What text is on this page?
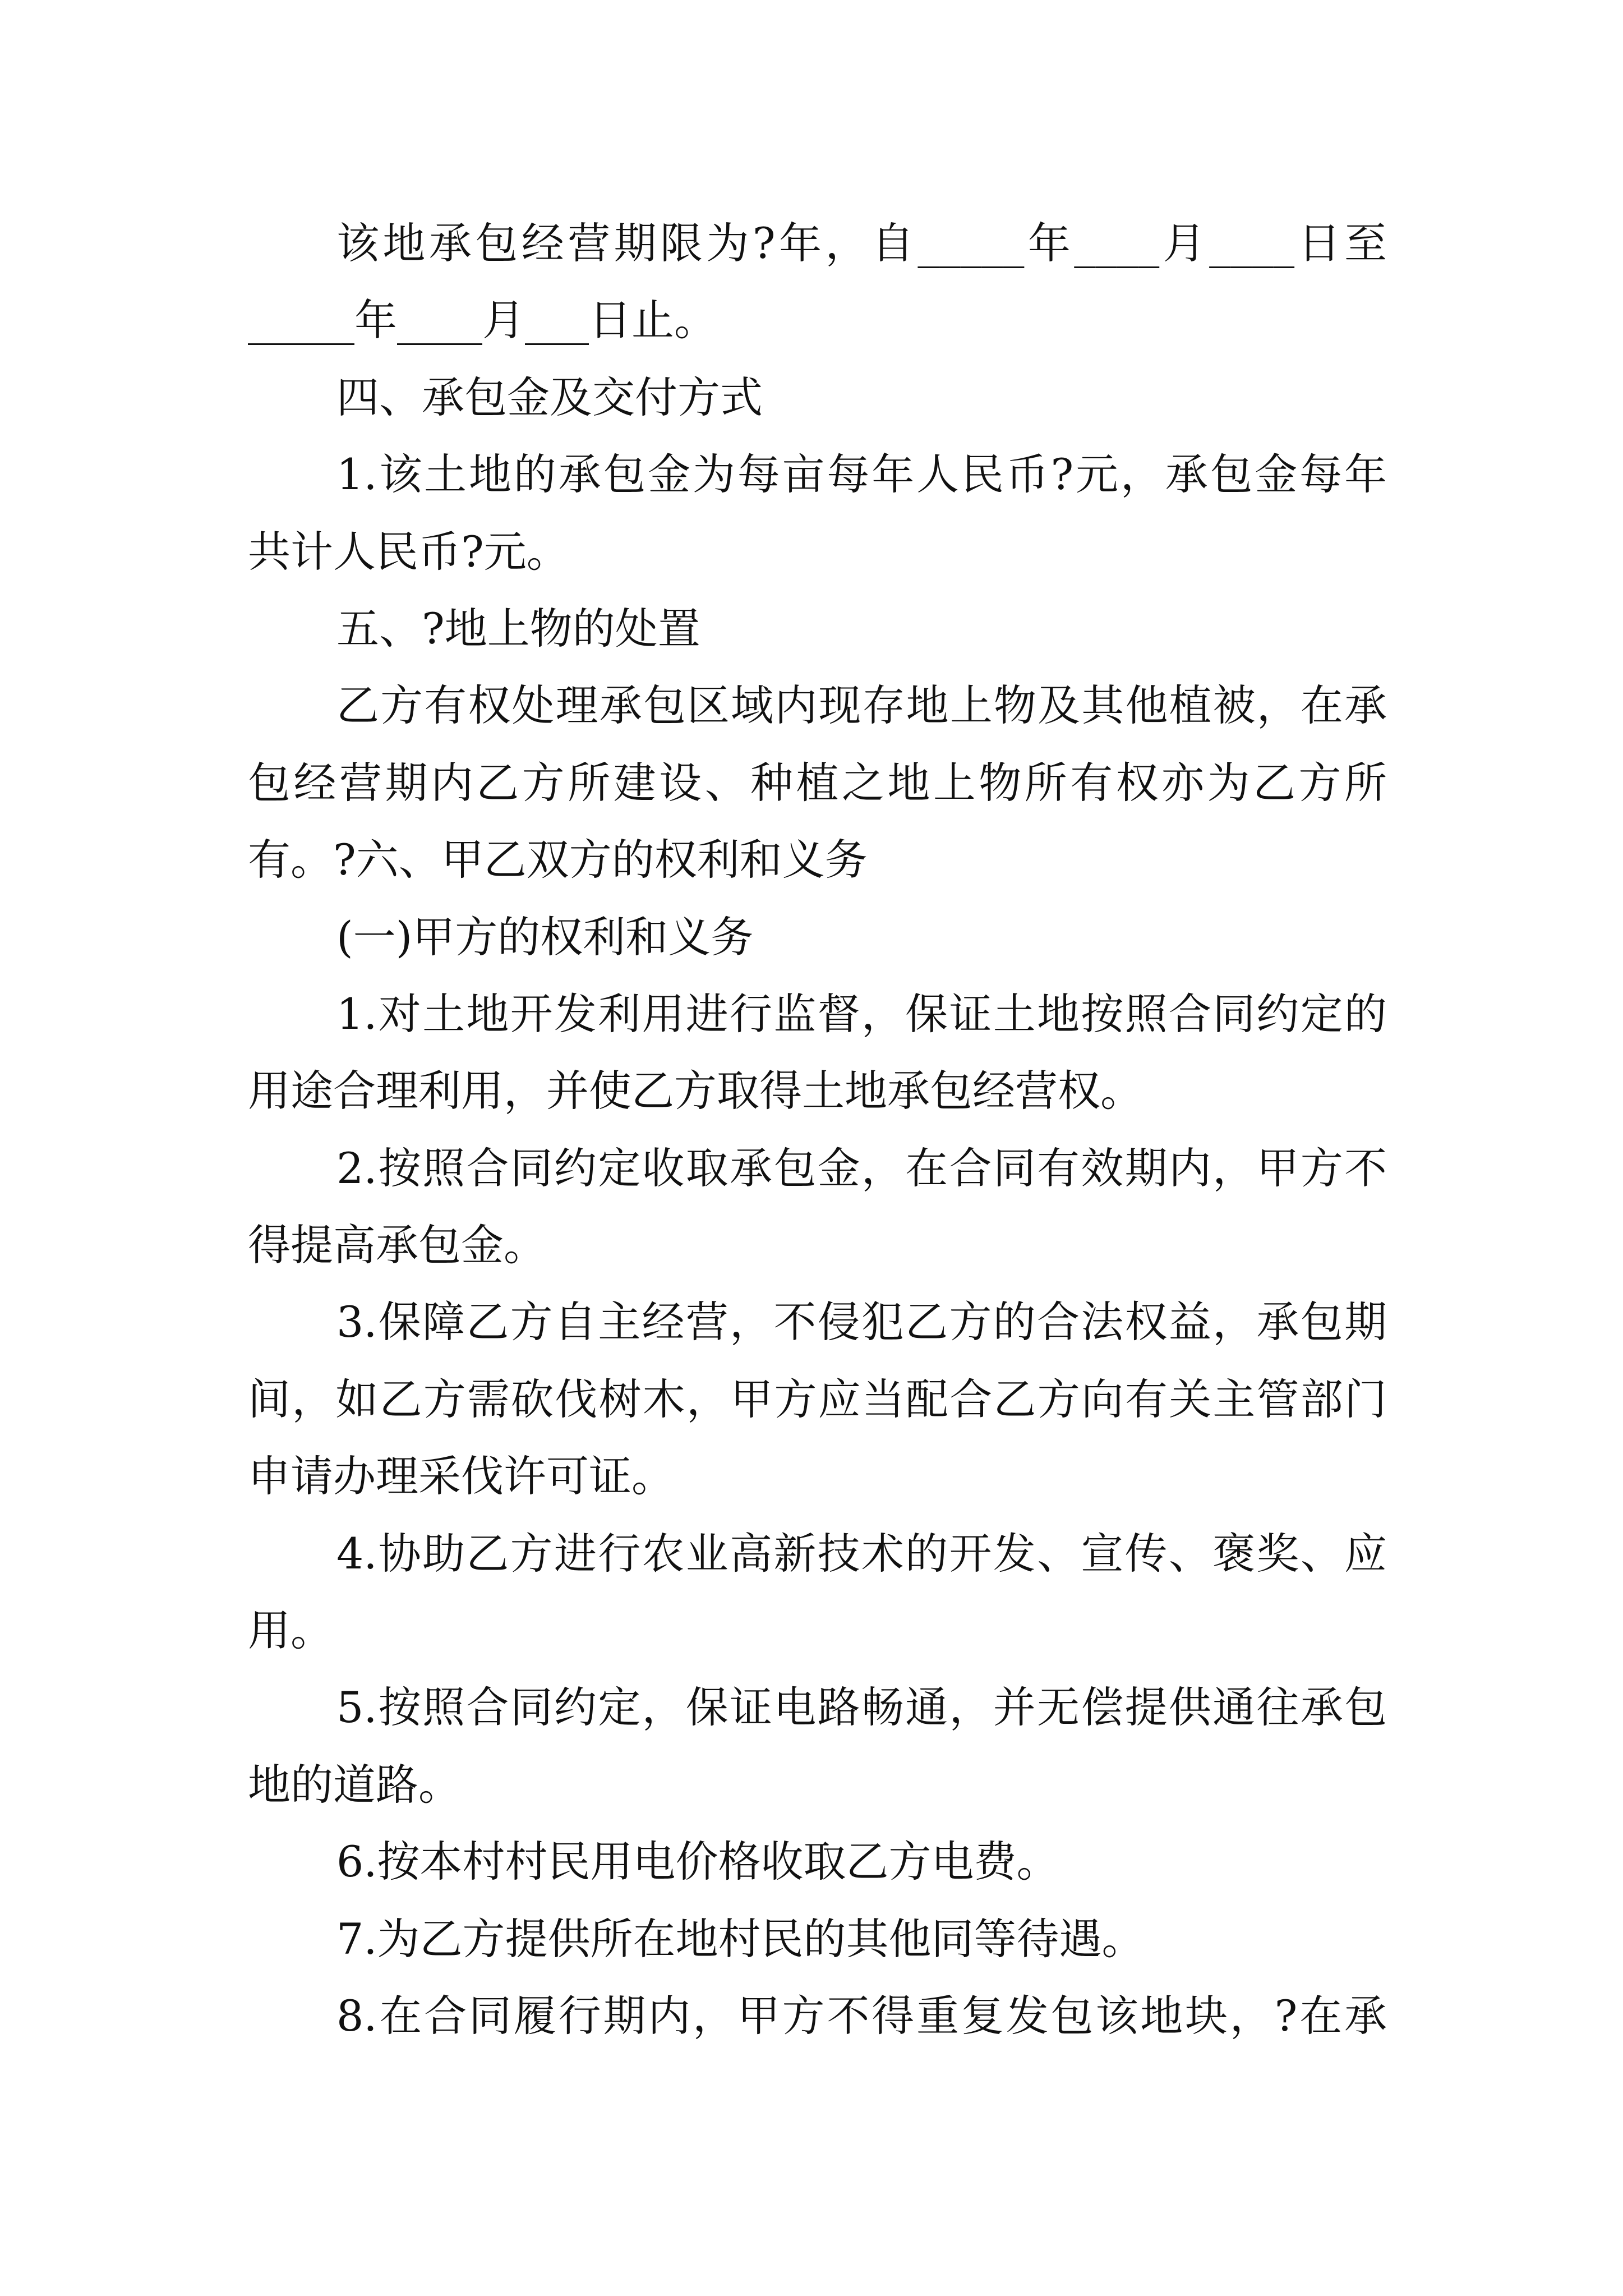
该地承包经营期限为?年，自_____年____月____日至
_____年____月___日止。
四、承包金及交付方式
1.该土地的承包金为每亩每年人民币?元，承包金每年
共计人民币?元。
五、?地上物的处置
乙方有权处理承包区域内现存地上物及其他植被，在承
包经营期内乙方所建设、种植之地上物所有权亦为乙方所
有。?六、甲乙双方的权利和义务
(一)甲方的权利和义务
1.对土地开发利用进行监督，保证土地按照合同约定的
用途合理利用，并使乙方取得土地承包经营权。
2.按照合同约定收取承包金，在合同有效期内，甲方不
得提高承包金。
3.保障乙方自主经营，不侵犯乙方的合法权益，承包期
间，如乙方需砍伐树木，甲方应当配合乙方向有关主管部门
申请办理采伐许可证。
4.协助乙方进行农业高新技术的开发、宣传、褒奖、应
用。
5.按照合同约定，保证电路畅通，并无偿提供通往承包
地的道路。
6.按本村村民用电价格收取乙方电费。
7.为乙方提供所在地村民的其他同等待遇。
8.在合同履行期内，甲方不得重复发包该地块，?在承
